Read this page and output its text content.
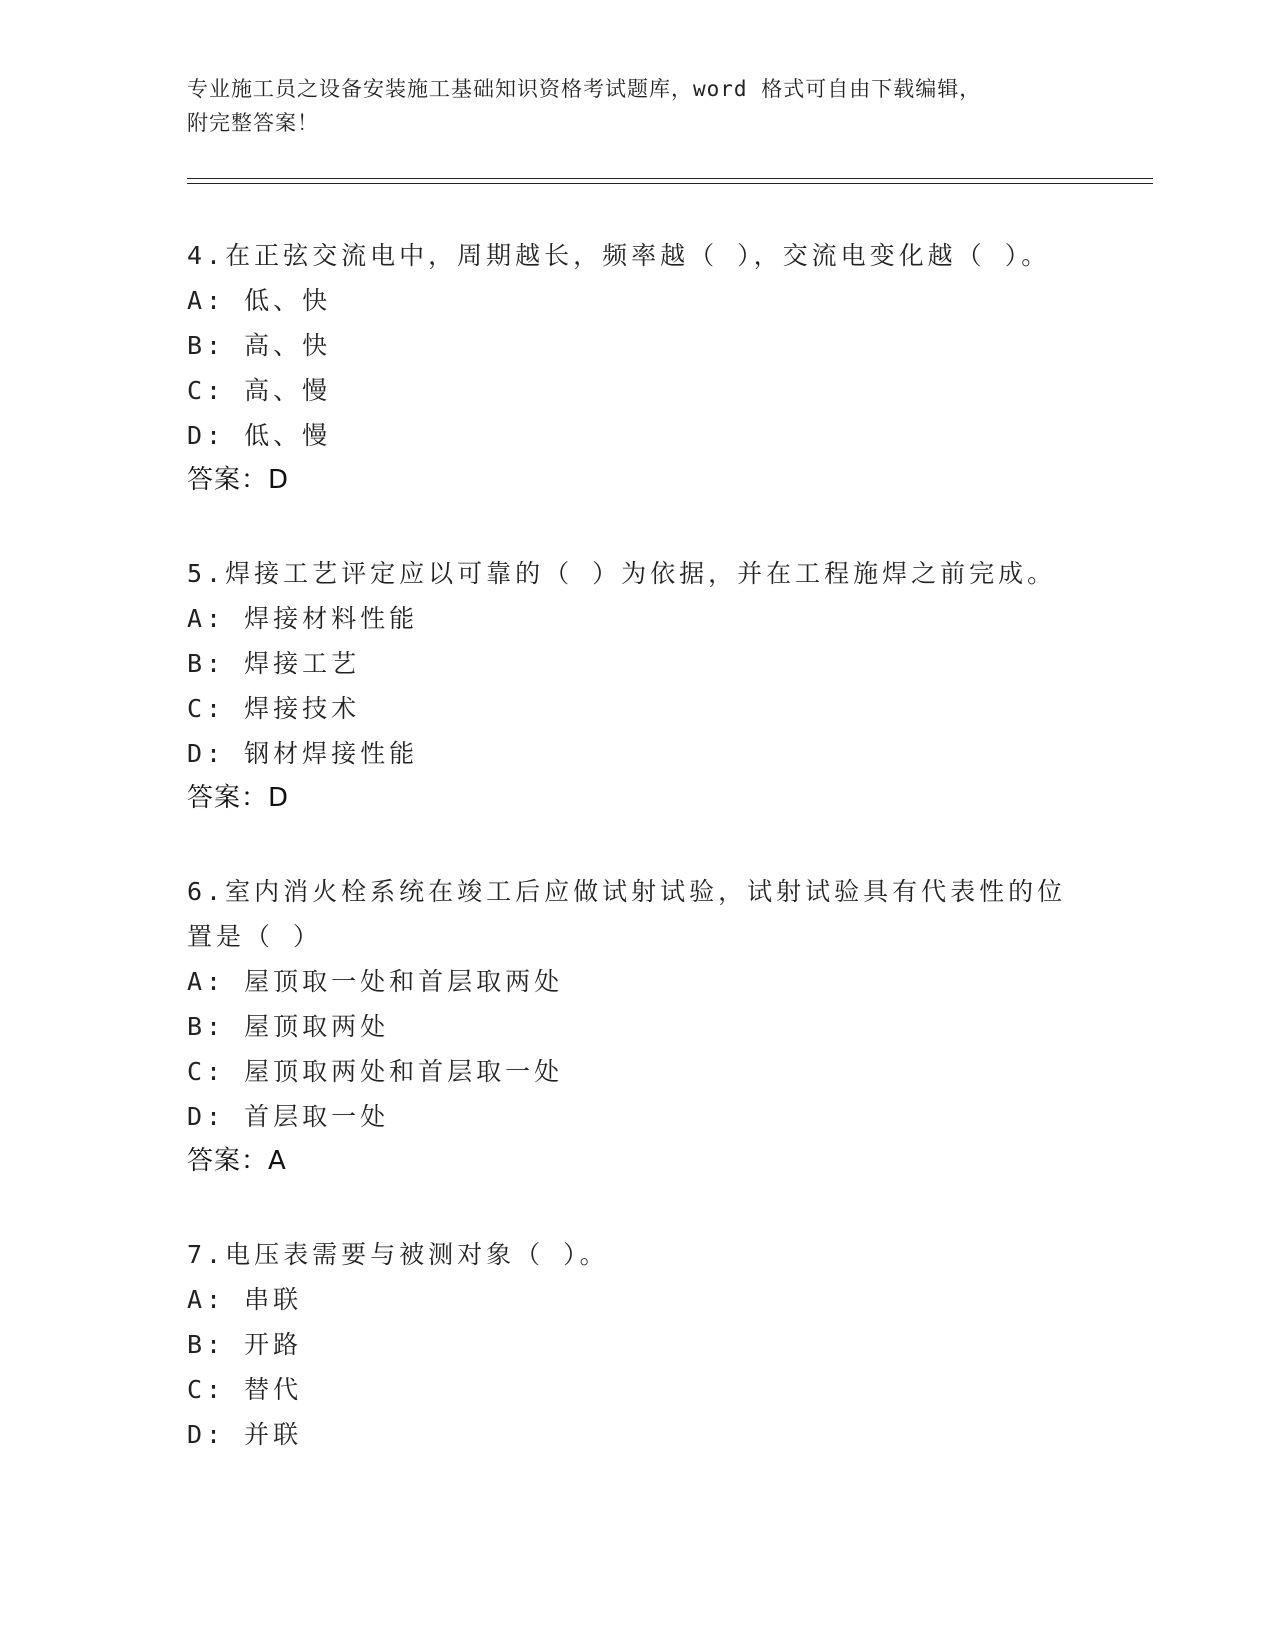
专业施工员之设备安装施工基础知识资格考试题库，word 格式可自由下载编辑，
附完整答案！

4.在正弦交流电中，周期越长，频率越（ ），交流电变化越（ ）。

A: 低、快

B: 高、快

C: 高、慢

D: 低、慢

答案：D

5.焊接工艺评定应以可靠的（ ）为依据，并在工程施焊之前完成。

A: 焊接材料性能

B: 焊接工艺

C: 焊接技术

D: 钢材焊接性能

答案：D

6.室内消火栓系统在竣工后应做试射试验，试射试验具有代表性的位

置是（ ）

A: 屋顶取一处和首层取两处

B: 屋顶取两处

C: 屋顶取两处和首层取一处

D: 首层取一处

答案：A

7.电压表需要与被测对象（ ）。

A: 串联

B: 开路

C: 替代

D: 并联
